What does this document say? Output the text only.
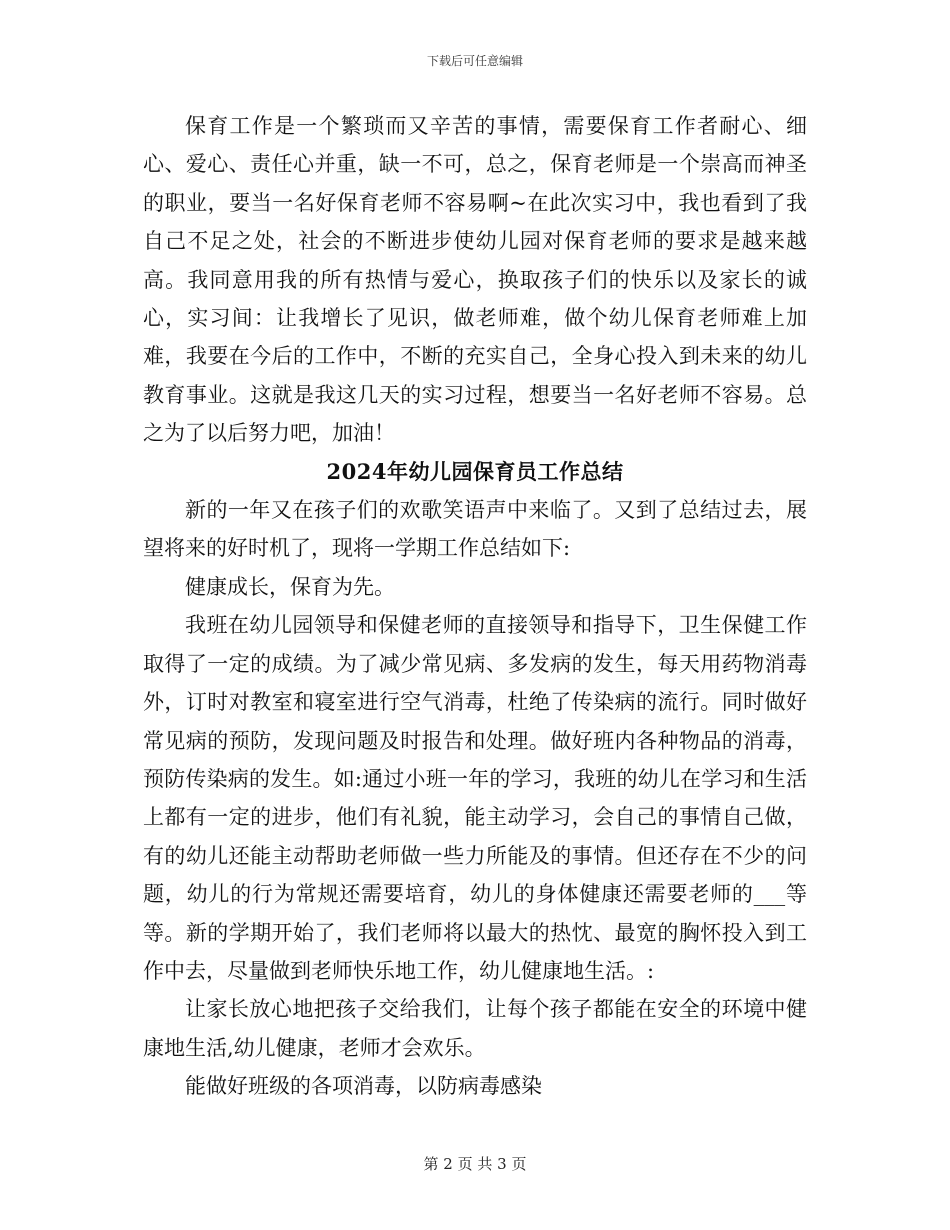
下载后可任意编辑

保育工作是一个繁琐而又辛苦的事情，需要保育工作者耐心、细心、爱心、责任心并重，缺一不可，总之，保育老师是一个崇高而神圣的职业，要当一名好保育老师不容易啊~在此次实习中，我也看到了我自己不足之处，社会的不断进步使幼儿园对保育老师的要求是越来越高。我同意用我的所有热情与爱心，换取孩子们的快乐以及家长的诚心，实习间：让我增长了见识，做老师难，做个幼儿保育老师难上加难，我要在今后的工作中，不断的充实自己，全身心投入到未来的幼儿教育事业。这就是我这几天的实习过程，想要当一名好老师不容易。总之为了以后努力吧，加油！

2024年幼儿园保育员工作总结

新的一年又在孩子们的欢歌笑语声中来临了。又到了总结过去，展望将来的好时机了，现将一学期工作总结如下:

健康成长，保育为先。

我班在幼儿园领导和保健老师的直接领导和指导下，卫生保健工作取得了一定的成绩。为了减少常见病、多发病的发生，每天用药物消毒外，订时对教室和寝室进行空气消毒，杜绝了传染病的流行。同时做好常见病的预防，发现问题及时报告和处理。做好班内各种物品的消毒，预防传染病的发生。如:通过小班一年的学习，我班的幼儿在学习和生活上都有一定的进步，他们有礼貌，能主动学习，会自己的事情自己做，有的幼儿还能主动帮助老师做一些力所能及的事情。但还存在不少的问题，幼儿的行为常规还需要培育，幼儿的身体健康还需要老师的___等等。新的学期开始了，我们老师将以最大的热忱、最宽的胸怀投入到工作中去，尽量做到老师快乐地工作，幼儿健康地生活。:

让家长放心地把孩子交给我们，让每个孩子都能在安全的环境中健康地生活,幼儿健康，老师才会欢乐。

能做好班级的各项消毒，以防病毒感染

第 2 页 共 3 页
